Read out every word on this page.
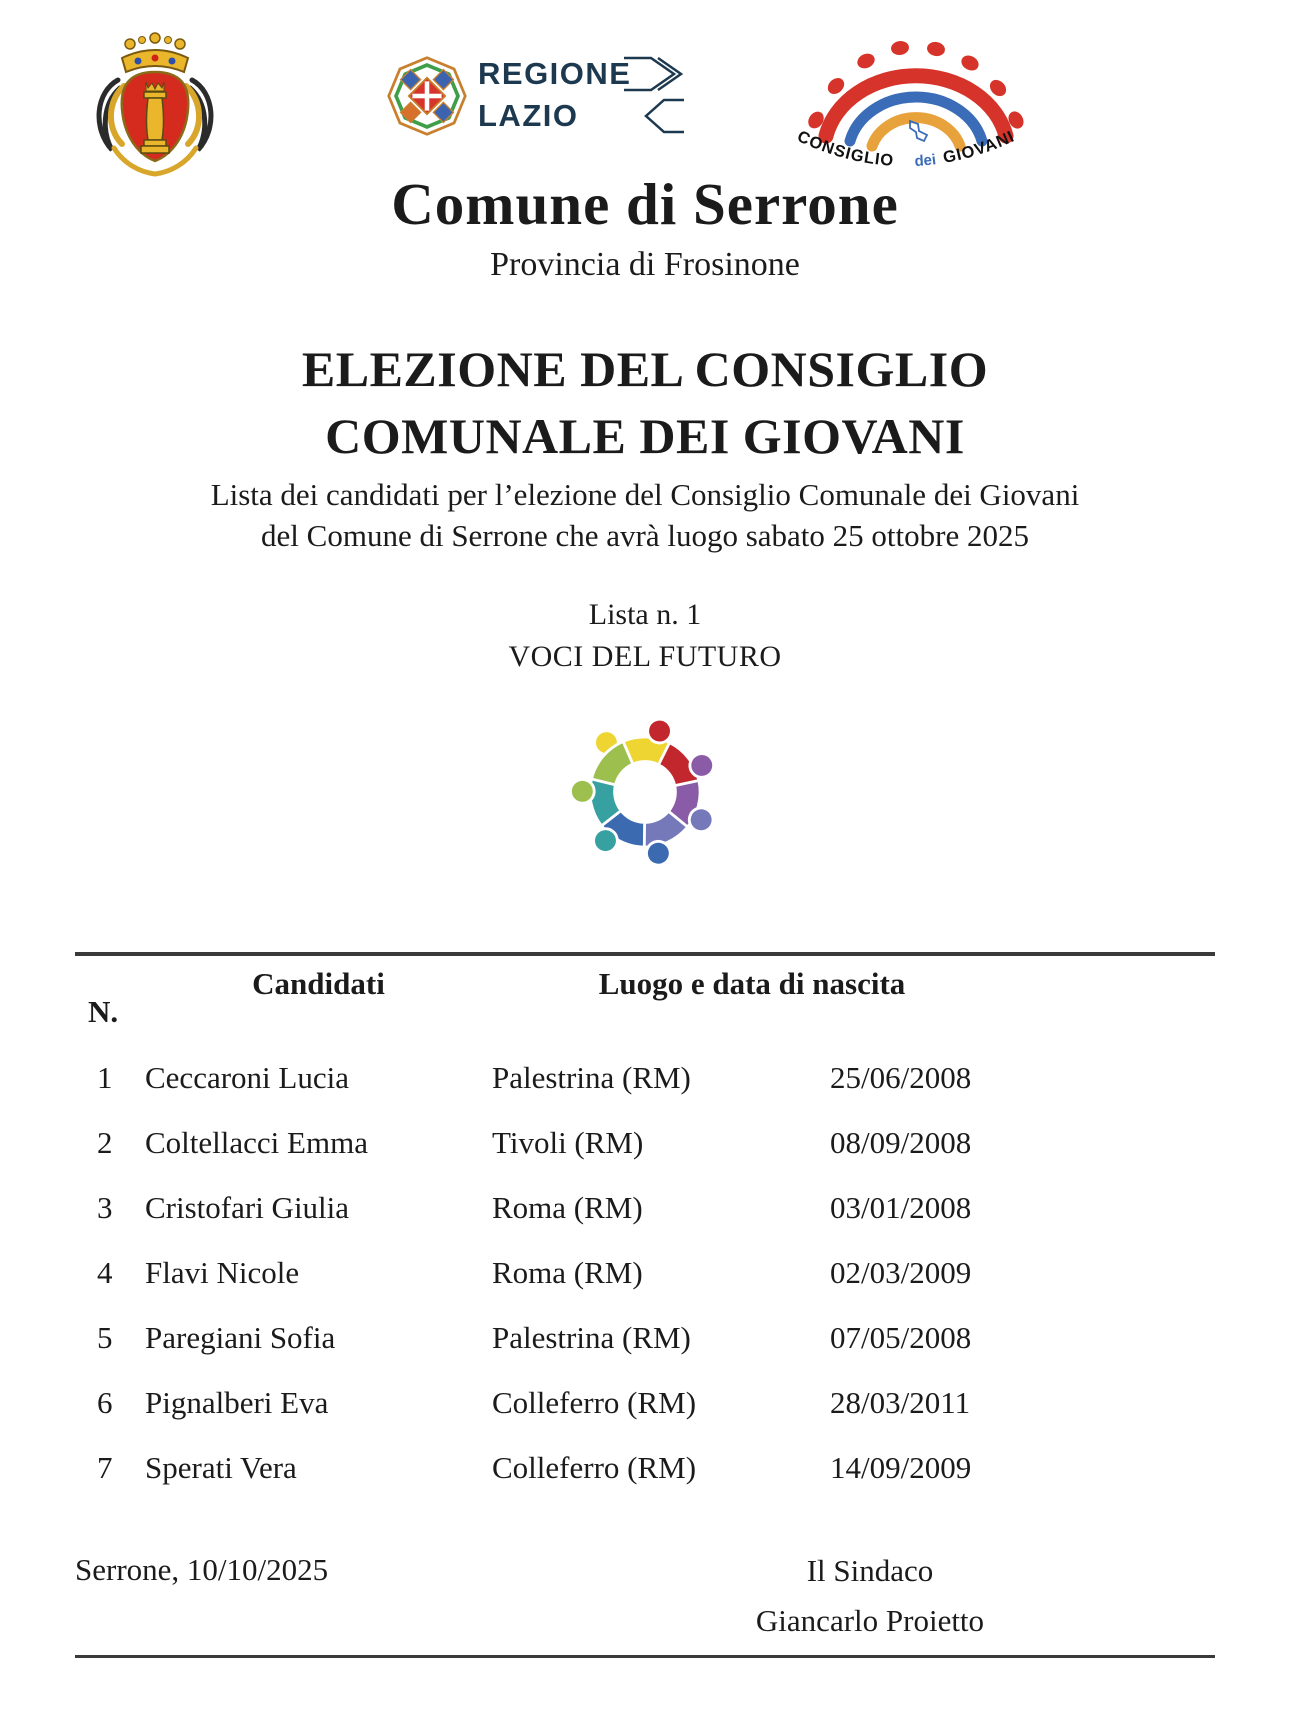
REGIONE
LAZIO
CONSIGLIO dei GIOVANI
Comune di Serrone
Provincia di Frosinone
ELEZIONE DEL CONSIGLIO
COMUNALE DEI GIOVANI
Lista dei candidati per l’elezione del Consiglio Comunale dei Giovani
del Comune di Serrone che avrà luogo sabato 25 ottobre 2025
Lista n. 1
VOCI DEL FUTURO
N.
Candidati	Luogo e data di nascita
1	Ceccaroni Lucia	Palestrina (RM)	25/06/2008
2	Coltellacci Emma	Tivoli (RM)	08/09/2008
3	Cristofari Giulia	Roma (RM)	03/01/2008
4	Flavi Nicole	Roma (RM)	02/03/2009
5	Paregiani Sofia	Palestrina (RM)	07/05/2008
6	Pignalberi Eva	Colleferro (RM)	28/03/2011
7	Sperati Vera	Colleferro (RM)	14/09/2009
Serrone, 10/10/2025	Il Sindaco
Giancarlo Proietto
